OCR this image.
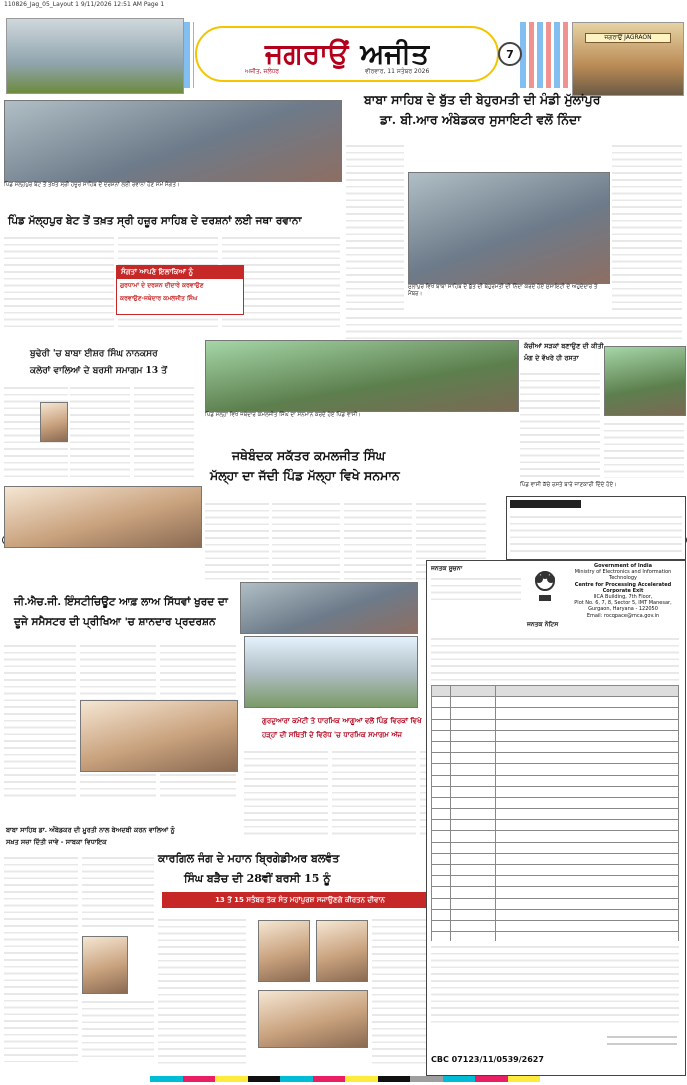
110826_Jag_05_Layout 1 9/11/2026 12:51 AM Page 1
ਜਗਰਾਉਂ JAGRAON
ਜਗਰਾਉਂ ਅਜੀਤ
ਅਜੀਤ, ਜਲੰਧਰ	ਵੀਰਵਾਰ, 11 ਸਤੰਬਰ 2026
7
ਪਿੰਡ ਮੱਲ੍ਹਪੁਰ ਬੇਟ ਤੋਂ ਤਖ਼ਤ ਸ੍ਰੀ ਹਜ਼ੂਰ ਸਾਹਿਬ ਦੇ ਦਰਸ਼ਨਾਂ ਲਈ ਰਵਾਨਾ ਹੋਣ ਸਮੇਂ ਸੰਗਤ।
ਬਾਬਾ ਸਾਹਿਬ ਦੇ ਬੁੱਤ ਦੀ ਬੇਹੁਰਮਤੀ ਦੀ ਮੰਡੀ ਮੁੱਲਾਂਪੁਰ
ਡਾ. ਬੀ.ਆਰ ਅੰਬੇਡਕਰ ਸੁਸਾਇਟੀ ਵਲੋਂ ਨਿੰਦਾ
ਮੁੱਲਾਂਪੁਰ ਵਿਖੇ ਬਾਬਾ ਸਾਹਿਬ ਦੇ ਬੁੱਤ ਦੀ ਬੇਹੁਰਮਤੀ ਦੀ ਨਿੰਦਾ ਕਰਦੇ ਹੋਏ ਸੁਸਾਇਟੀ ਦੇ ਅਹੁਦੇਦਾਰ ਤੇ ਮੈਂਬਰ।
ਪਿੰਡ ਮੱਲ੍ਹਪੁਰ ਬੇਟ ਤੋਂ ਤਖ਼ਤ ਸ੍ਰੀ ਹਜ਼ੂਰ ਸਾਹਿਬ ਦੇ ਦਰਸ਼ਨਾਂ ਲਈ ਜਥਾ ਰਵਾਨਾ
ਸੰਗਤਾਂ ਆਪਣੇ ਇਲਾਕਿਆਂ ਨੂੰ
ਗੁਰਧਾਮਾਂ ਦੇ ਦਰਸ਼ਨ ਦੀਦਾਰੇ ਕਰਵਾਉਣ
ਕਰਵਾਉਣ-ਜਥੇਦਾਰ ਕਮਲਜੀਤ ਸਿੰਘ
ਬੁਢੇਰੀ 'ਚ ਬਾਬਾ ਈਸ਼ਰ ਸਿੰਘ ਨਾਨਕਸਰ
ਕਲੇਰਾਂ ਵਾਲਿਆਂ ਦੇ ਬਰਸੀ ਸਮਾਗਮ 13 ਤੋਂ
ਪਿੰਡ ਮੱਲ੍ਹਾ ਵਿਖੇ ਜਥੇਦਾਰ ਕਮਲਜੀਤ ਸਿੰਘ ਦਾ ਸਨਮਾਨ ਕਰਦੇ ਹੋਏ ਪਿੰਡ ਵਾਸੀ।
ਜਥੇਬੰਦਕ ਸਕੱਤਰ ਕਮਲਜੀਤ ਸਿੰਘ
ਮੱਲ੍ਹਾ ਦਾ ਜੱਦੀ ਪਿੰਡ ਮੱਲ੍ਹਾ ਵਿਖੇ ਸਨਮਾਨ
ਕੱਚੀਆਂ ਸੜਕਾਂ ਬਣਾਉਣ ਦੀ ਕੀਤੀ
ਮੰਗ ਦੇ ਵੱਖਰੇ ਹੀ ਰਸਤਾ
ਪਿੰਡ ਵਾਸੀ ਕੱਚੇ ਰਸਤੇ ਬਾਰੇ ਜਾਣਕਾਰੀ ਦਿੰਦੇ ਹੋਏ।
ਜੀ.ਐਚ.ਜੀ. ਇੰਸਟੀਚਿਊਟ ਆਫ਼ ਲਾਅ ਸਿੱਧਵਾਂ ਖੁਰਦ ਦਾ
ਦੂਜੇ ਸਮੈਸਟਰ ਦੀ ਪ੍ਰੀਖਿਆ 'ਚ ਸ਼ਾਨਦਾਰ ਪ੍ਰਦਰਸ਼ਨ
ਗੁਰਦੁਆਰਾ ਕਮੇਟੀ ਤੇ ਧਾਰਮਿਕ ਆਗੂਆਂ ਵਲੋਂ ਪਿੰਡ ਵਿਰਕਾਂ ਵਿਖੇ
ਹੜ੍ਹਾਂ ਦੀ ਸਥਿਤੀ ਦੇ ਵਿਰੋਧ 'ਚ ਧਾਰਮਿਕ ਸਮਾਗਮ ਅੱਜ
ਕਾਰਗਿਲ ਜੰਗ ਦੇ ਮਹਾਨ ਬ੍ਰਿਗੇਡੀਅਰ ਬਲਵੰਤ
ਸਿੰਘ ਬੜੈਚ ਦੀ 28ਵੀਂ ਬਰਸੀ 15 ਨੂੰ
13 ਤੋਂ 15 ਸਤੰਬਰ ਤੱਕ ਸੰਤ ਮਹਾਂਪੁਰਸ਼ ਸਜਾਉਣਗੇ ਕੀਰਤਨ ਦੀਵਾਨ
ਬਾਬਾ ਸਾਹਿਬ ਡਾ. ਅੰਬੇਡਕਰ ਦੀ ਮੂਰਤੀ ਨਾਲ ਬੇਅਦਬੀ ਕਰਨ ਵਾਲਿਆਂ ਨੂੰ
ਸਖ਼ਤ ਸਜ਼ਾ ਦਿੱਤੀ ਜਾਵੇ - ਸਾਬਕਾ ਵਿਧਾਇਕ
ਜਨਤਕ ਸੂਚਨਾ	Government of India
Ministry of Electronics and Information Technology
Centre for Processing Accelerated Corporate Exit
IICA Building, 7th Floor,
Plot No. 6, 7, 8, Sector 5, IMT Manesar,
Gurgaon, Haryana - 122050
Email: rocqpace@mca.gov.in
ਜਨਤਕ ਨੋਟਿਸ

CBC 07123/11/0539/2627
